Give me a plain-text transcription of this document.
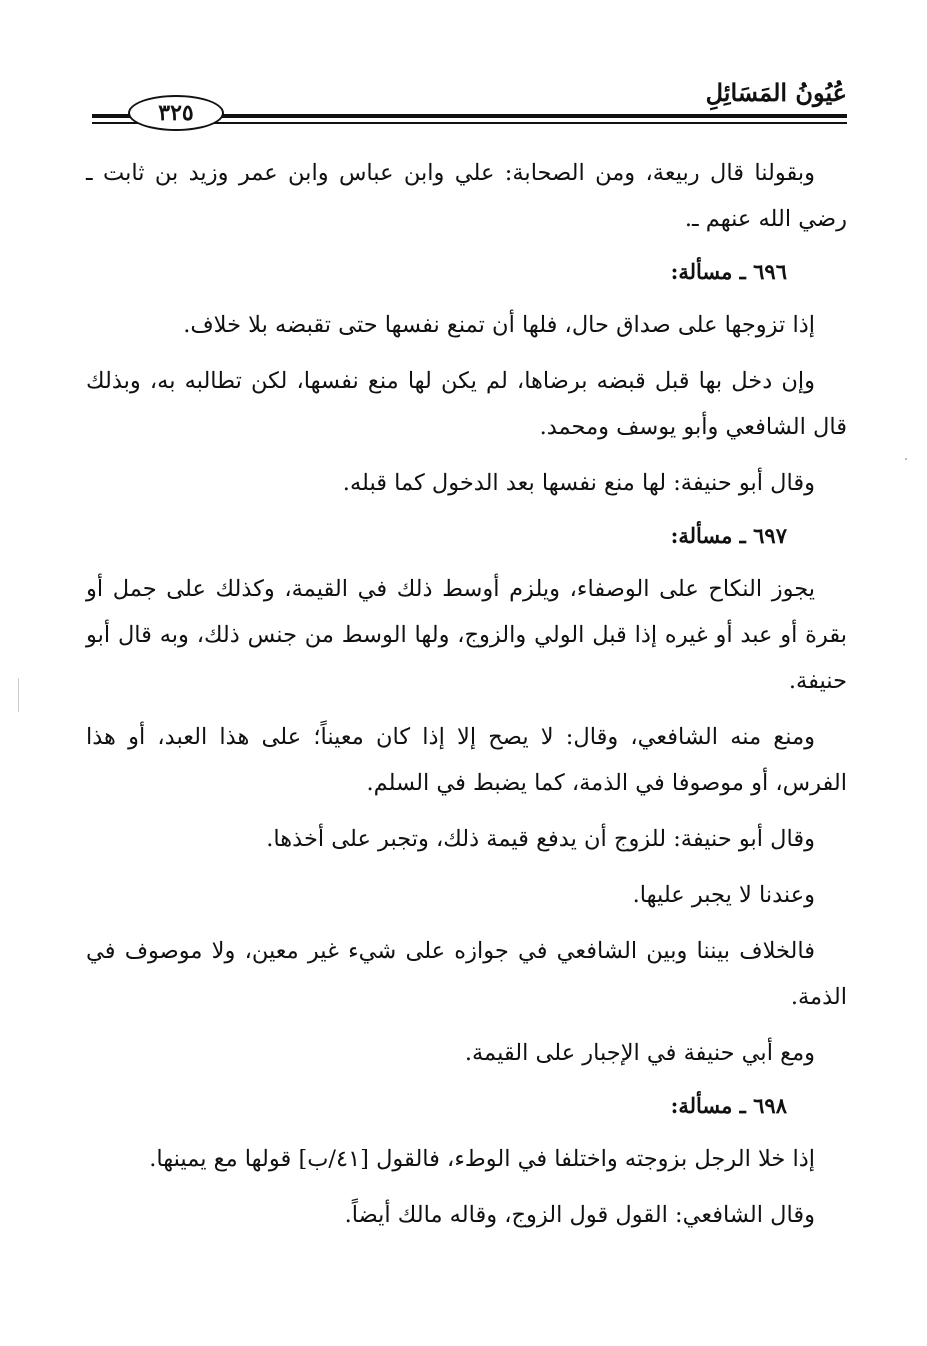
عُيُونُ المَسَائِلِ
٣٢٥

وبقولنا قال ربيعة، ومن الصحابة: علي وابن عباس وابن عمر وزيد بن ثابت ـ رضي الله عنهم ـ.

٦٩٦ ـ مسألة:

إذا تزوجها على صداق حال، فلها أن تمنع نفسها حتى تقبضه بلا خلاف.

وإن دخل بها قبل قبضه برضاها، لم يكن لها منع نفسها، لكن تطالبه به، وبذلك قال الشافعي وأبو يوسف ومحمد.

وقال أبو حنيفة: لها منع نفسها بعد الدخول كما قبله.

٦٩٧ ـ مسألة:

يجوز النكاح على الوصفاء، ويلزم أوسط ذلك في القيمة، وكذلك على جمل أو بقرة أو عبد أو غيره إذا قبل الولي والزوج، ولها الوسط من جنس ذلك، وبه قال أبو حنيفة.

ومنع منه الشافعي، وقال: لا يصح إلا إذا كان معيناً؛ على هذا العبد، أو هذا الفرس، أو موصوفا في الذمة، كما يضبط في السلم.

وقال أبو حنيفة: للزوج أن يدفع قيمة ذلك، وتجبر على أخذها.

وعندنا لا يجبر عليها.

فالخلاف بيننا وبين الشافعي في جوازه على شيء غير معين، ولا موصوف في الذمة.

ومع أبي حنيفة في الإجبار على القيمة.

٦٩٨ ـ مسألة:

إذا خلا الرجل بزوجته واختلفا في الوطء، فالقول [٤١/ب] قولها مع يمينها.

وقال الشافعي: القول قول الزوج، وقاله مالك أيضاً.
